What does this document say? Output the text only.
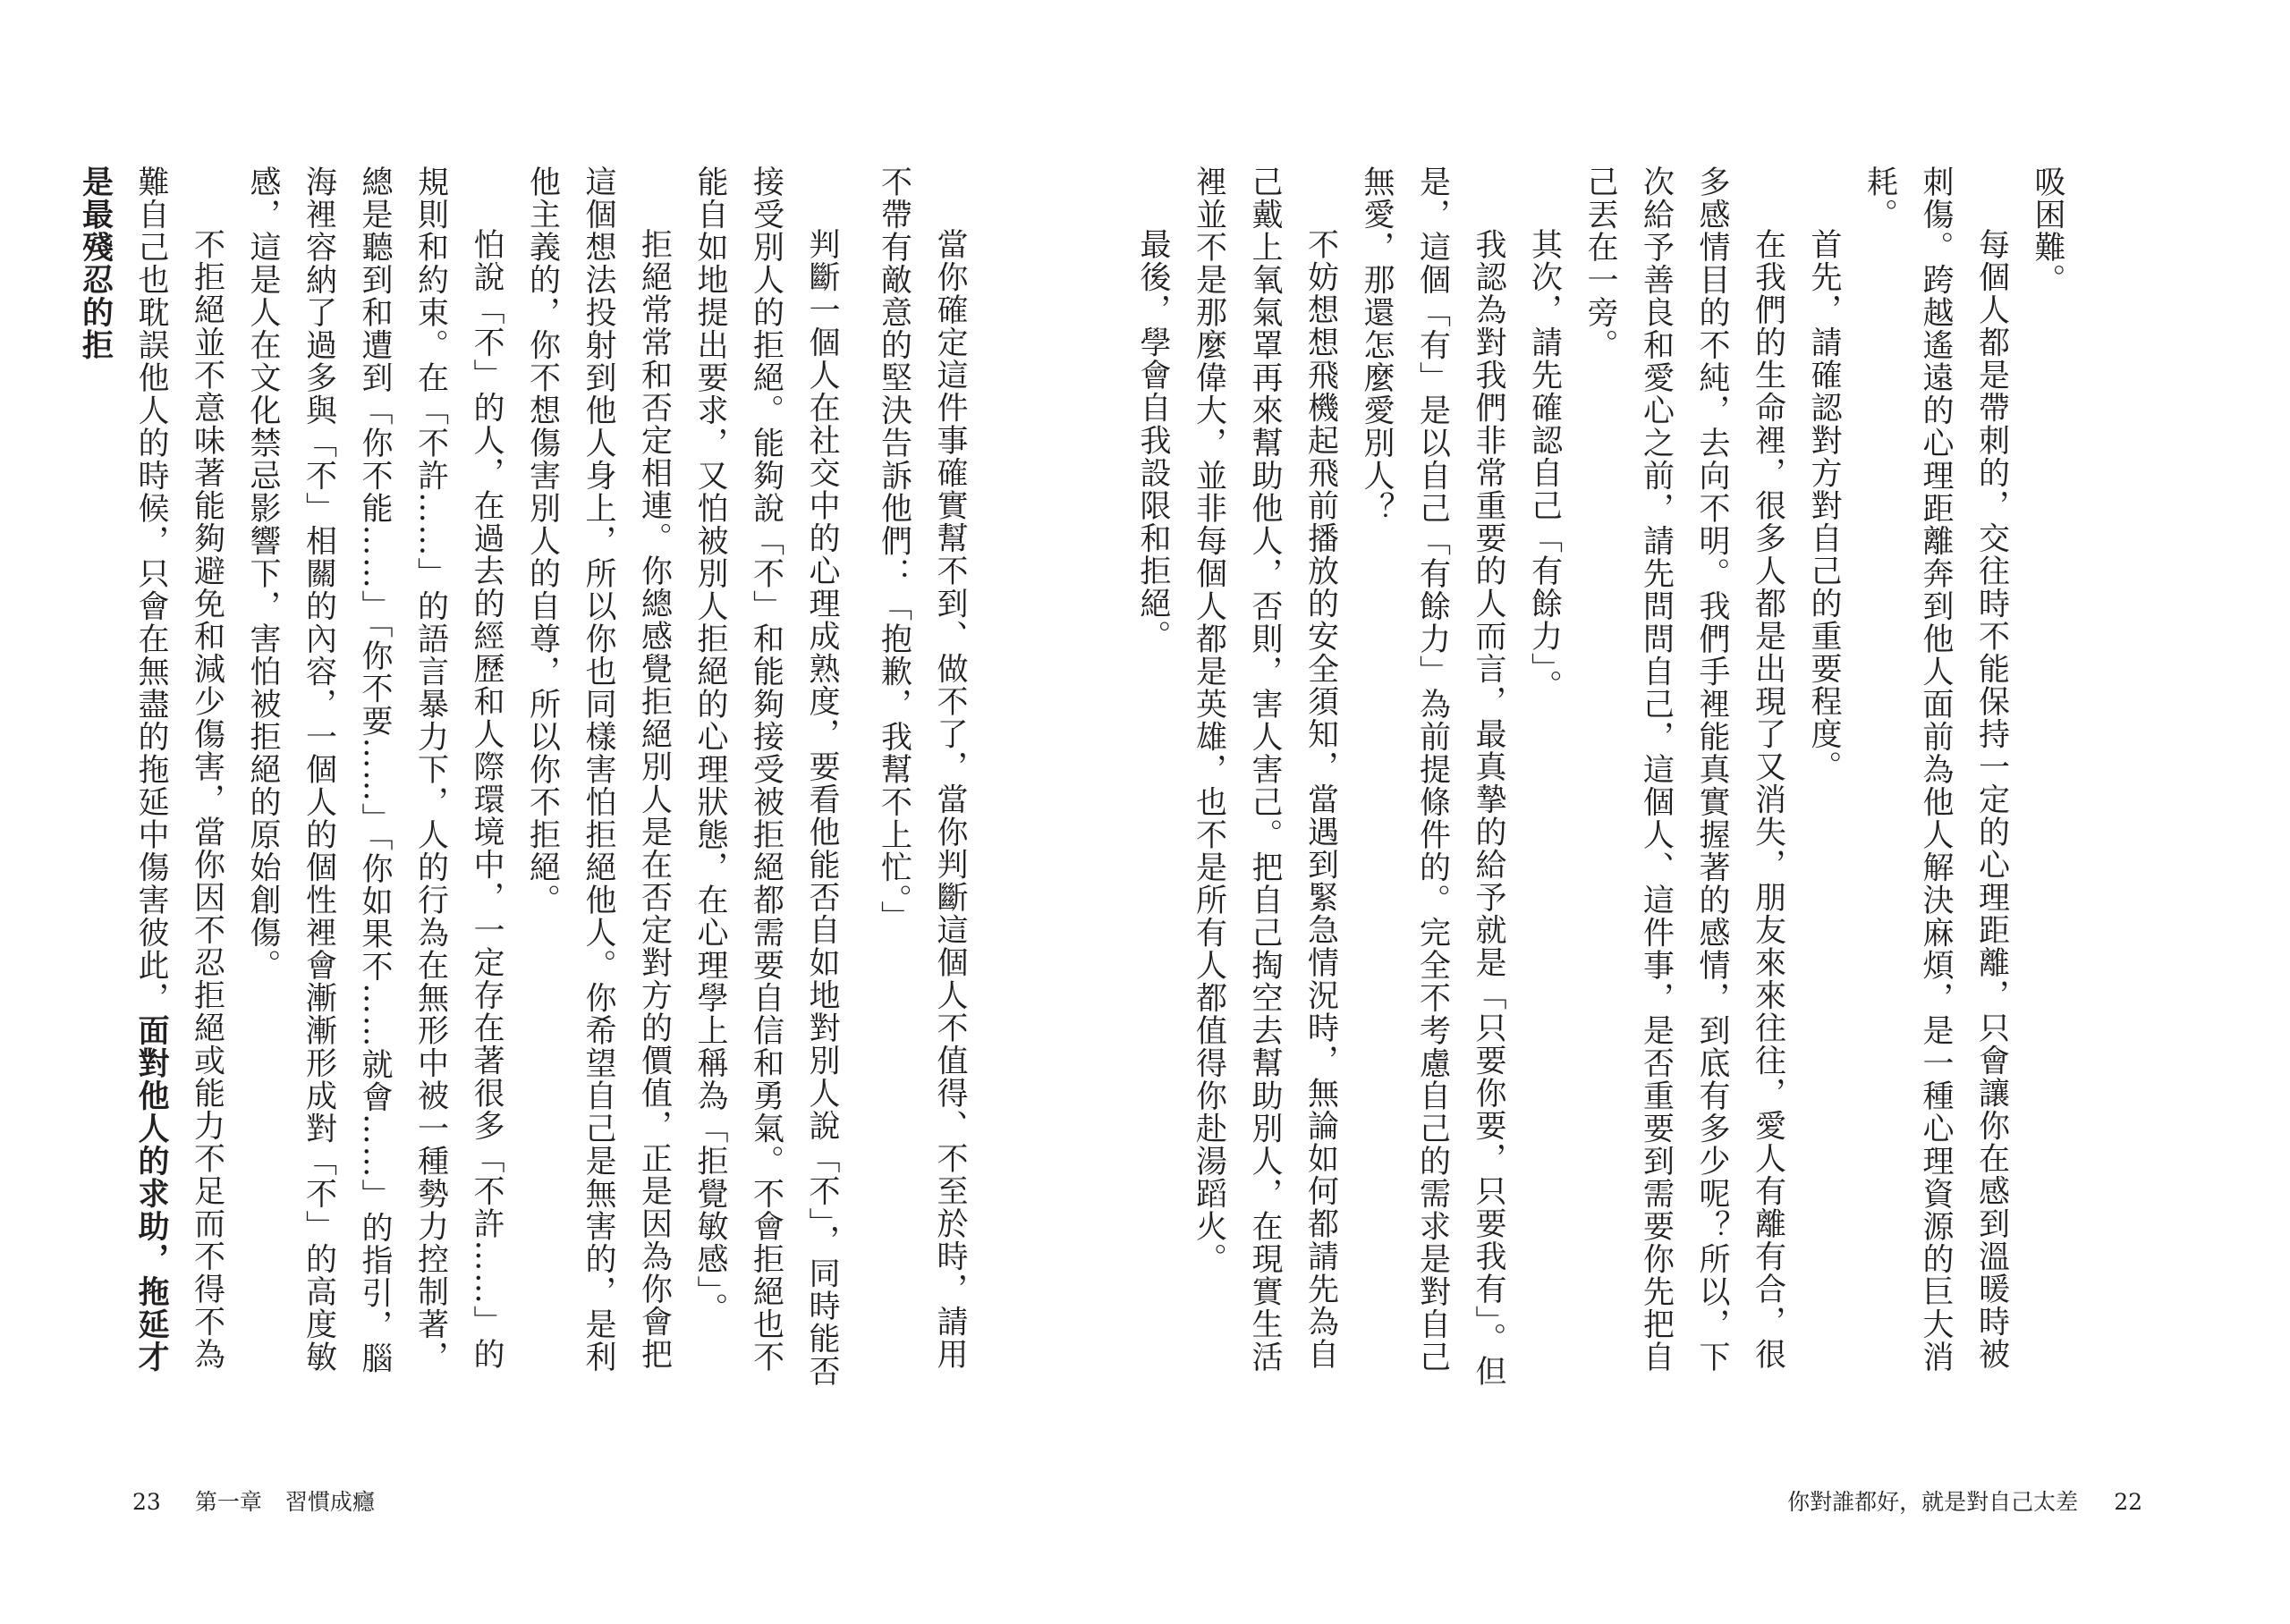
當你確定這件事確實幫不到、做不了，當你判斷這個人不值得、不至於時，請用不帶有敵意的堅決告訴他們：「抱歉，我幫不上忙。」

判斷一個人在社交中的心理成熟度，要看他能否自如地對別人說「不」，同時能否接受別人的拒絕。能夠說「不」和能夠接受被拒絕都需要自信和勇氣。不會拒絕也不能自如地提出要求，又怕被別人拒絕的心理狀態，在心理學上稱為「拒覺敏感」。

拒絕常常和否定相連。你總感覺拒絕別人是在否定對方的價值，正是因為你會把這個想法投射到他人身上，所以你也同樣害怕拒絕他人。你希望自己是無害的，是利他主義的，你不想傷害別人的自尊，所以你不拒絕。

怕說「不」的人，在過去的經歷和人際環境中，一定存在著很多「不許……」的規則和約束。在「不許……」的語言暴力下，人的行為在無形中被一種勢力控制著，總是聽到和遭到「你不能……」「你不要……」「你如果不……就會……」的指引，腦海裡容納了過多與「不」相關的內容，一個人的個性裡會漸漸形成對「不」的高度敏感，這是人在文化禁忌影響下，害怕被拒絕的原始創傷。

不拒絕並不意味著能夠避免和減少傷害，當你因不忍拒絕或能力不足而不得不為難自己也耽誤他人的時候，只會在無盡的拖延中傷害彼此，面對他人的求助，拖延才是最殘忍的拒

23 第一章 習慣成癮

吸困難。

每個人都是帶刺的，交往時不能保持一定的心理距離，只會讓你在感到溫暖時被刺傷。跨越遙遠的心理距離奔到他人面前為他人解決麻煩，是一種心理資源的巨大消耗。

首先，請確認對方對自己的重要程度。

在我們的生命裡，很多人都是出現了又消失，朋友來來往往，愛人有離有合，很多感情目的不純，去向不明。我們手裡能真實握著的感情，到底有多少呢？所以，下次給予善良和愛心之前，請先問問自己，這個人、這件事，是否重要到需要你先把自己丟在一旁。

其次，請先確認自己「有餘力」。

我認為對我們非常重要的人而言，最真摯的給予就是「只要你要，只要我有」。但是，這個「有」是以自己「有餘力」為前提條件的。完全不考慮自己的需求是對自己無愛，那還怎麼愛別人？

不妨想想飛機起飛前播放的安全須知，當遇到緊急情況時，無論如何都請先為自己戴上氧氣罩再來幫助他人，否則，害人害己。把自己掏空去幫助別人，在現實生活裡並不是那麼偉大，並非每個人都是英雄，也不是所有人都值得你赴湯蹈火。

最後，學會自我設限和拒絕。

你對誰都好，就是對自己太差 22
